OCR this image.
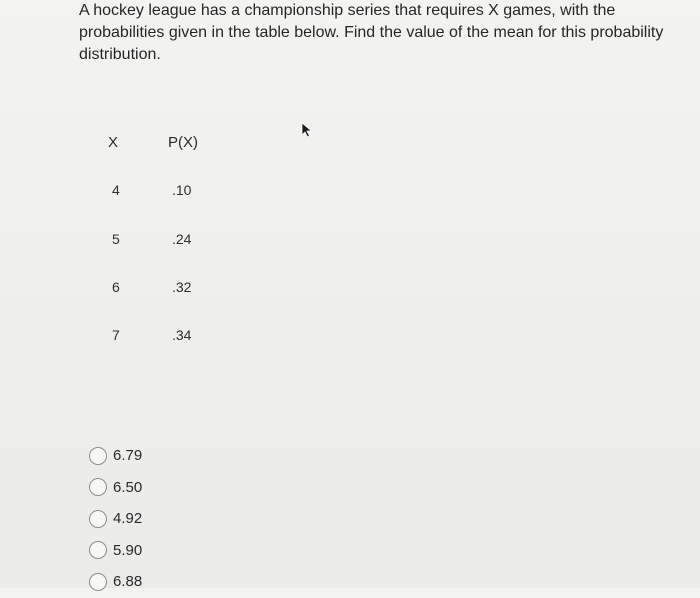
A hockey league has a championship series that requires X games, with the probabilities given in the table below. Find the value of the mean for this probability distribution.
X	P(X)
4	.10
5	.24
6	.32
7	.34
6.79
6.50
4.92
5.90
6.88
